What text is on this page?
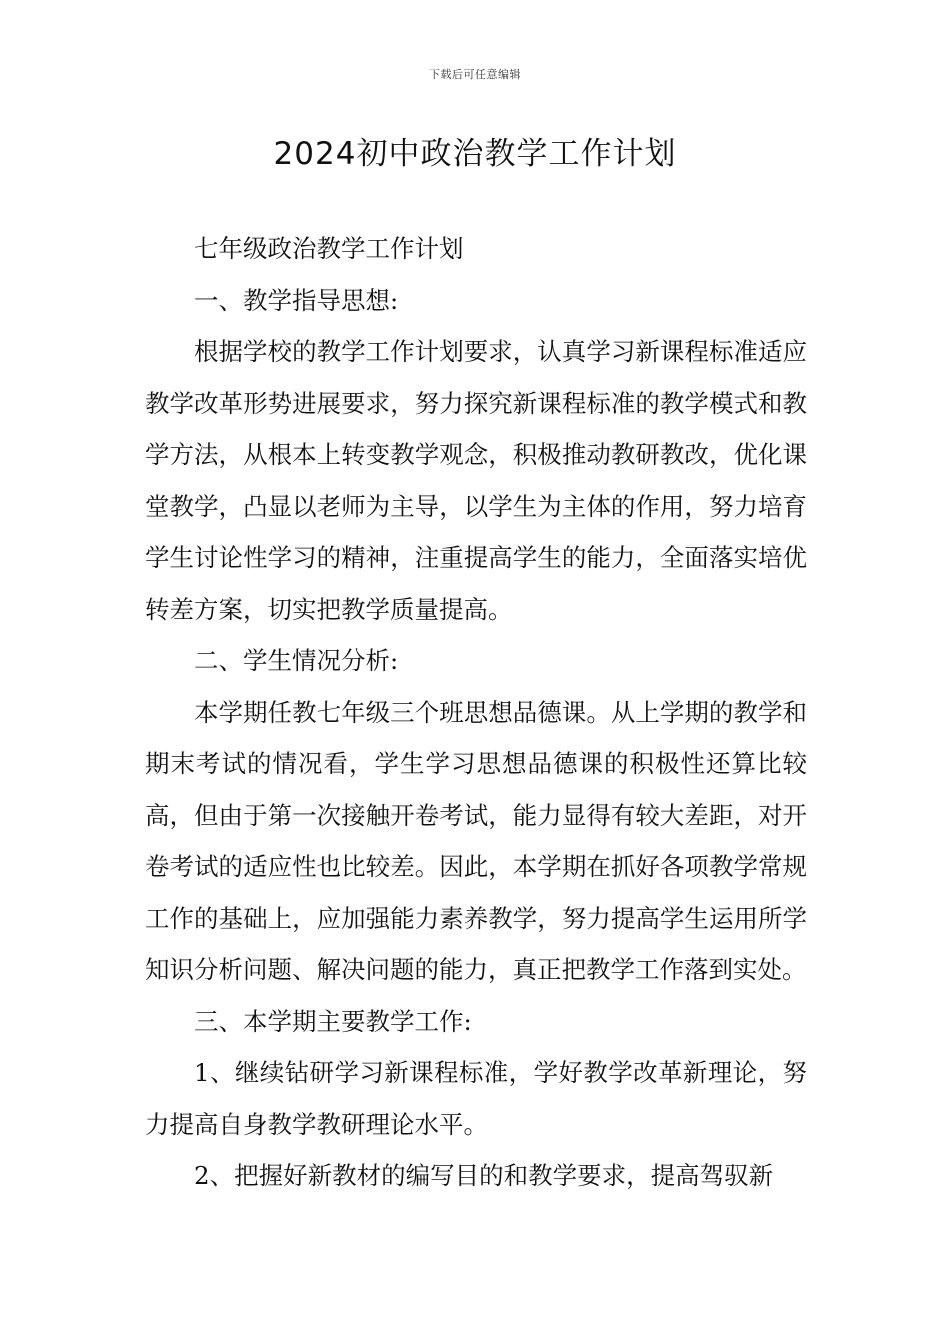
下载后可任意编辑
2024初中政治教学工作计划

七年级政治教学工作计划

一、教学指导思想:

根据学校的教学工作计划要求，认真学习新课程标准适应教学改革形势进展要求，努力探究新课程标准的教学模式和教学方法，从根本上转变教学观念，积极推动教研教改，优化课堂教学，凸显以老师为主导，以学生为主体的作用，努力培育学生讨论性学习的精神，注重提高学生的能力，全面落实培优转差方案，切实把教学质量提高。

二、学生情况分析:

本学期任教七年级三个班思想品德课。从上学期的教学和期末考试的情况看，学生学习思想品德课的积极性还算比较高，但由于第一次接触开卷考试，能力显得有较大差距，对开卷考试的适应性也比较差。因此，本学期在抓好各项教学常规工作的基础上，应加强能力素养教学，努力提高学生运用所学知识分析问题、解决问题的能力，真正把教学工作落到实处。

三、本学期主要教学工作:

1、继续钻研学习新课程标准，学好教学改革新理论，努力提高自身教学教研理论水平。

2、把握好新教材的编写目的和教学要求，提高驾驭新
